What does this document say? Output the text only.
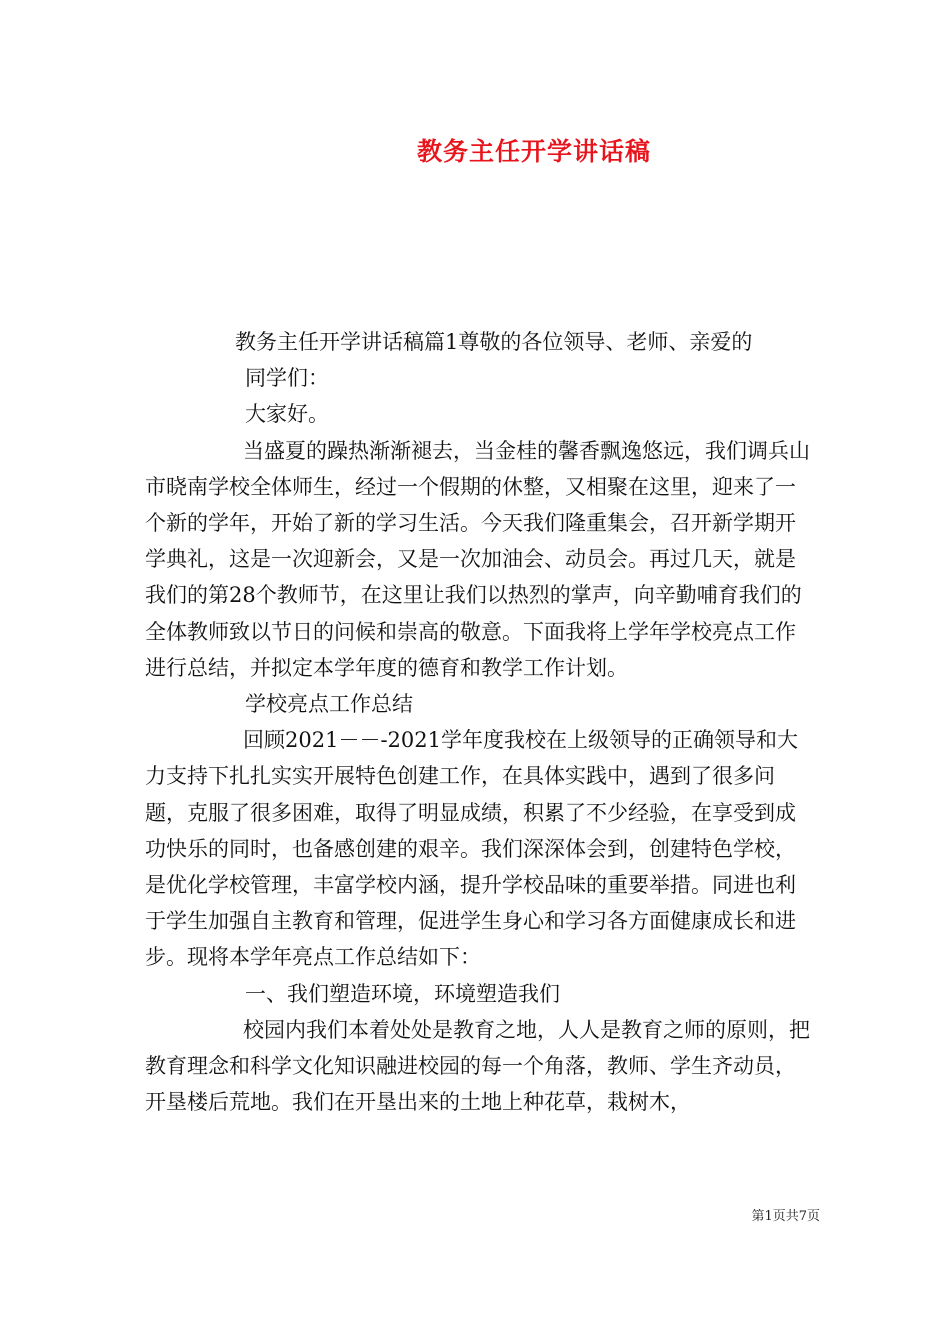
教务主任开学讲话稿

教务主任开学讲话稿篇1尊敬的各位领导、老师、亲爱的

同学们：

大家好。

当盛夏的躁热渐渐褪去，当金桂的馨香飘逸悠远，我们调兵山市晓南学校全体师生，经过一个假期的休整，又相聚在这里，迎来了一个新的学年，开始了新的学习生活。今天我们隆重集会，召开新学期开学典礼，这是一次迎新会，又是一次加油会、动员会。再过几天，就是我们的第28个教师节，在这里让我们以热烈的掌声，向辛勤哺育我们的全体教师致以节日的问候和崇高的敬意。下面我将上学年学校亮点工作进行总结，并拟定本学年度的德育和教学工作计划。

学校亮点工作总结

回顾2021－－-2021学年度我校在上级领导的正确领导和大力支持下扎扎实实开展特色创建工作，在具体实践中，遇到了很多问题，克服了很多困难，取得了明显成绩，积累了不少经验，在享受到成功快乐的同时，也备感创建的艰辛。我们深深体会到，创建特色学校，是优化学校管理，丰富学校内涵，提升学校品味的重要举措。同进也利于学生加强自主教育和管理，促进学生身心和学习各方面健康成长和进步。现将本学年亮点工作总结如下：

一、我们塑造环境，环境塑造我们

校园内我们本着处处是教育之地，人人是教育之师的原则，把教育理念和科学文化知识融进校园的每一个角落，教师、学生齐动员，开垦楼后荒地。我们在开垦出来的土地上种花草，栽树木，

第1页共7页
